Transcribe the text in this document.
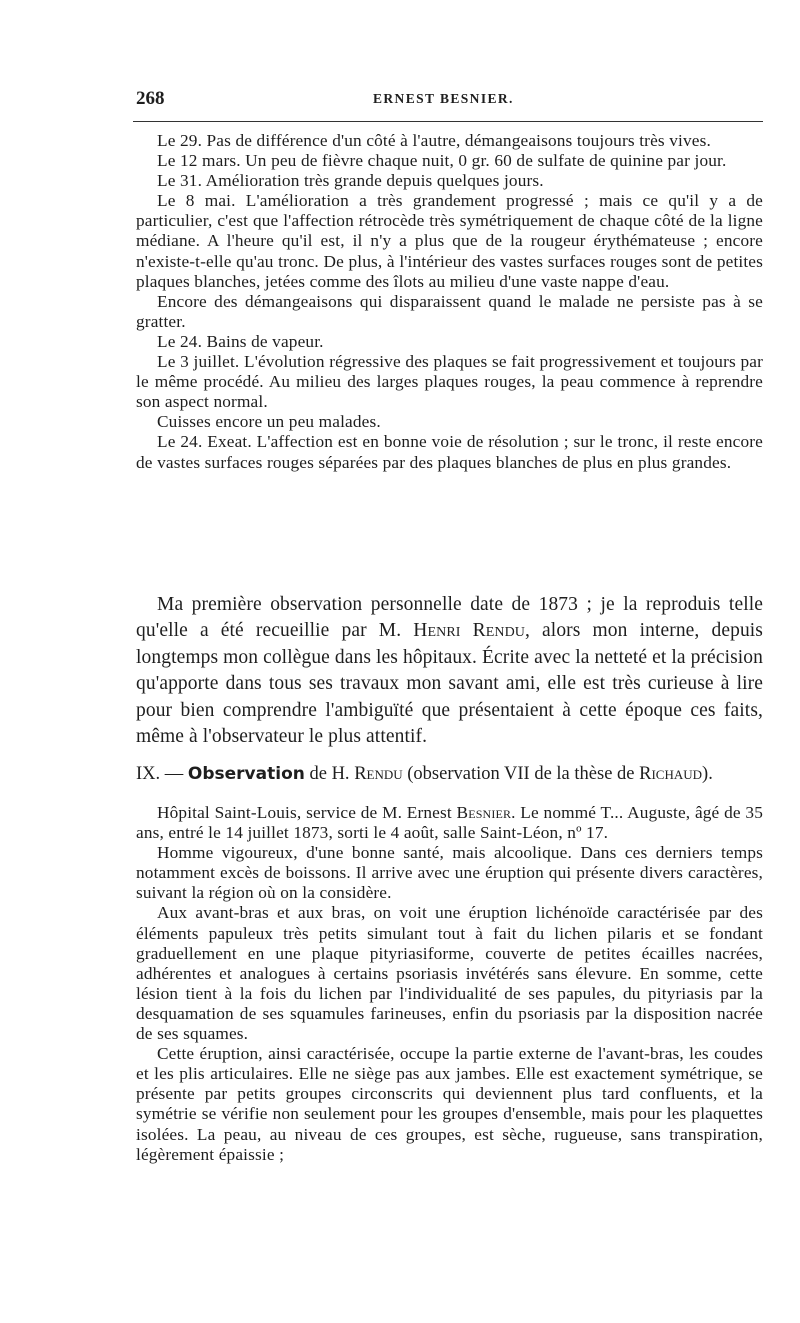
268	ERNEST BESNIER.

Le 29. Pas de différence d'un côté à l'autre, démangeaisons toujours très vives.

Le 12 mars. Un peu de fièvre chaque nuit, 0 gr. 60 de sulfate de quinine par jour.

Le 31. Amélioration très grande depuis quelques jours.

Le 8 mai. L'amélioration a très grandement progressé ; mais ce qu'il y a de particulier, c'est que l'affection rétrocède très symétriquement de chaque côté de la ligne médiane. A l'heure qu'il est, il n'y a plus que de la rougeur érythémateuse ; encore n'existe-t-elle qu'au tronc. De plus, à l'intérieur des vastes surfaces rouges sont de petites plaques blanches, jetées comme des îlots au milieu d'une vaste nappe d'eau.

Encore des démangeaisons qui disparaissent quand le malade ne persiste pas à se gratter.

Le 24. Bains de vapeur.

Le 3 juillet. L'évolution régressive des plaques se fait progressivement et toujours par le même procédé. Au milieu des larges plaques rouges, la peau commence à reprendre son aspect normal.

Cuisses encore un peu malades.

Le 24. Exeat. L'affection est en bonne voie de résolution ; sur le tronc, il reste encore de vastes surfaces rouges séparées par des plaques blanches de plus en plus grandes.

Ma première observation personnelle date de 1873 ; je la reproduis telle qu'elle a été recueillie par M. Henri Rendu, alors mon interne, depuis longtemps mon collègue dans les hôpitaux. Écrite avec la netteté et la précision qu'apporte dans tous ses travaux mon savant ami, elle est très curieuse à lire pour bien comprendre l'ambiguïté que présentaient à cette époque ces faits, même à l'observateur le plus attentif.

IX. — Observation de H. Rendu (observation VII de la thèse de Richaud).

Hôpital Saint-Louis, service de M. Ernest Besnier. Le nommé T... Auguste, âgé de 35 ans, entré le 14 juillet 1873, sorti le 4 août, salle Saint-Léon, nº 17.

Homme vigoureux, d'une bonne santé, mais alcoolique. Dans ces derniers temps notamment excès de boissons. Il arrive avec une éruption qui présente divers caractères, suivant la région où on la considère.

Aux avant-bras et aux bras, on voit une éruption lichénoïde caractérisée par des éléments papuleux très petits simulant tout à fait du lichen pilaris et se fondant graduellement en une plaque pityriasiforme, couverte de petites écailles nacrées, adhérentes et analogues à certains psoriasis invétérés sans élevure. En somme, cette lésion tient à la fois du lichen par l'individualité de ses papules, du pityriasis par la desquamation de ses squamules farineuses, enfin du psoriasis par la disposition nacrée de ses squames.

Cette éruption, ainsi caractérisée, occupe la partie externe de l'avant-bras, les coudes et les plis articulaires. Elle ne siège pas aux jambes. Elle est exactement symétrique, se présente par petits groupes circonscrits qui deviennent plus tard confluents, et la symétrie se vérifie non seulement pour les groupes d'ensemble, mais pour les plaquettes isolées. La peau, au niveau de ces groupes, est sèche, rugueuse, sans transpiration, légèrement épaissie ;
